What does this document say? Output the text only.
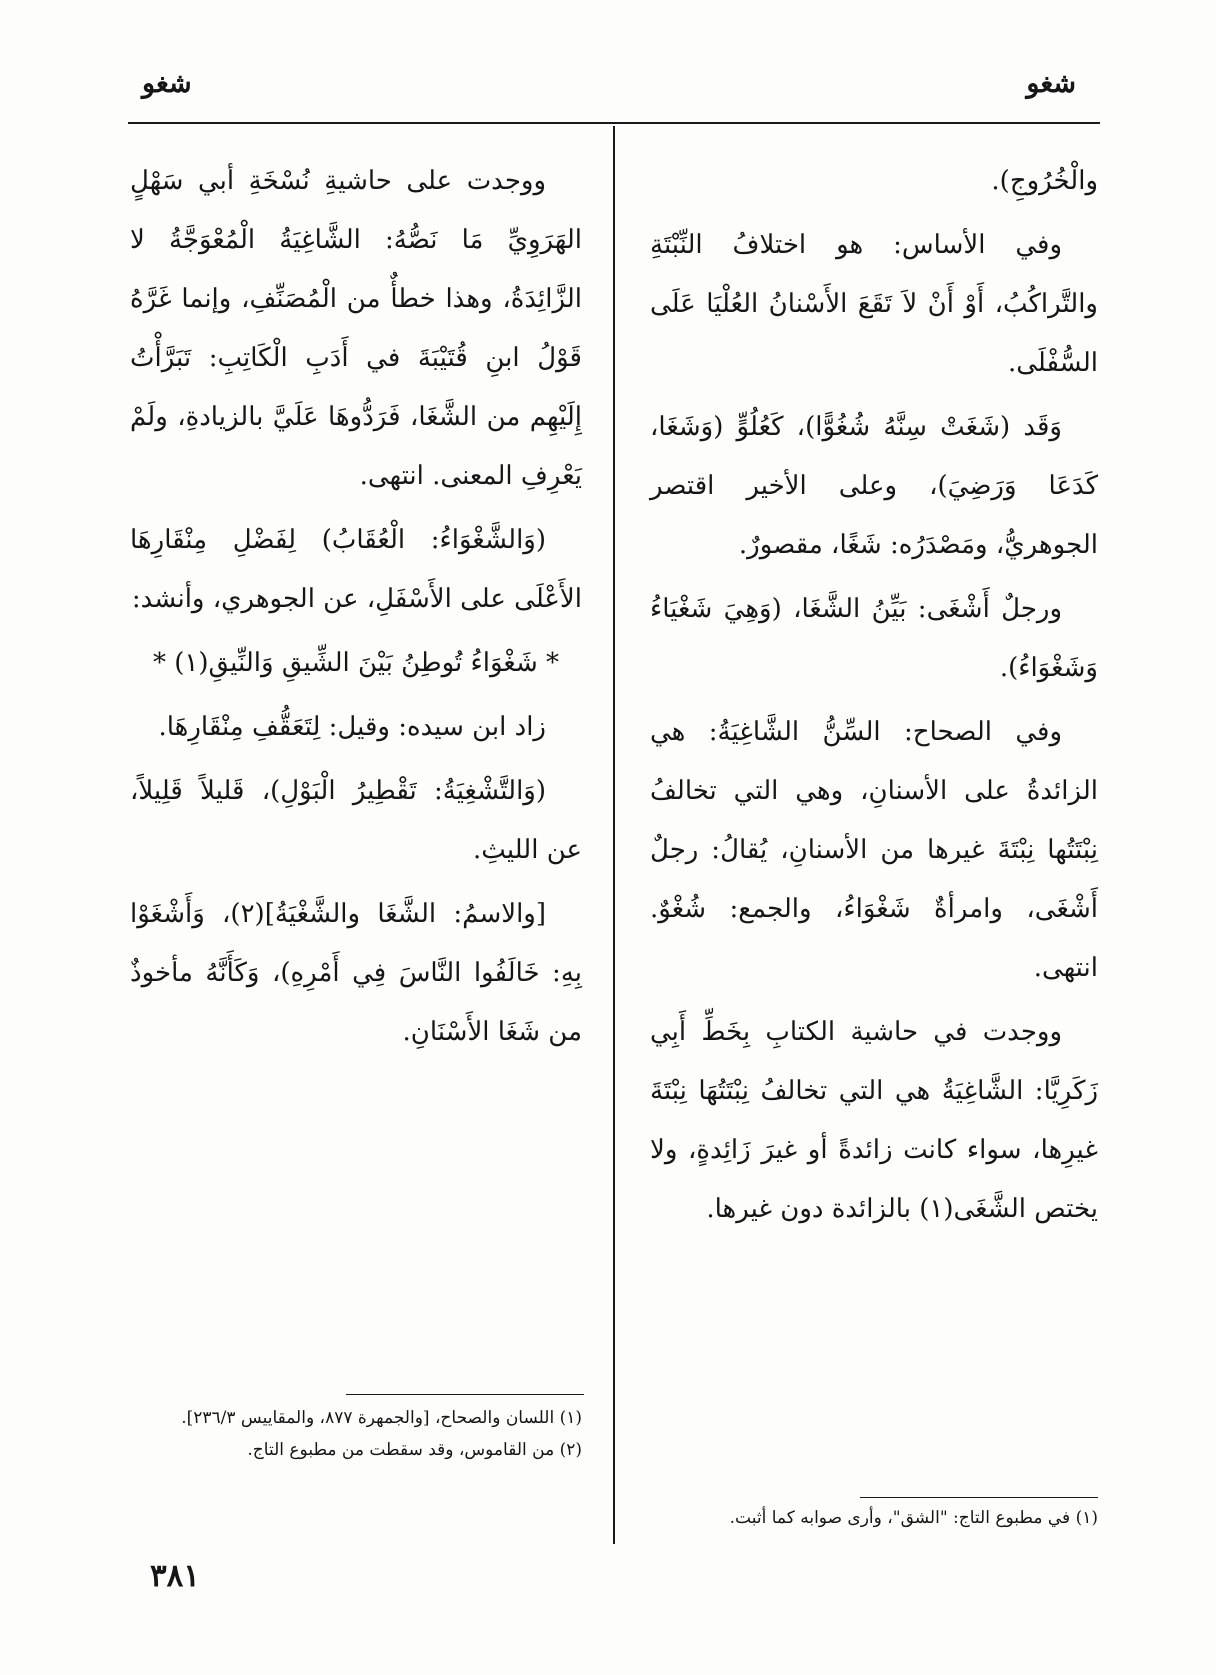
شغو
شغو

والْخُرُوجِ).

وفي الأساس: هو اختلافُ النِّبْتَةِ والتَّراكُبُ، أَوْ أَنْ لاَ تَقَعَ الأَسْنانُ العُلْيَا عَلَى السُّفْلَى.

وَقَد (شَغَتْ سِنَّهُ شُغُوًّا)، كَعُلُوٍّ (وَشَغَا، كَدَعَا وَرَضِيَ)، وعلى الأخير اقتصر الجوهريُّ، ومَصْدَرُه: شَغًا، مقصورٌ.

ورجلٌ أَشْغَى: بَيِّنُ الشَّغَا، (وَهِيَ شَغْيَاءُ وَشَغْوَاءُ).

وفي الصحاح: السِّنُّ الشَّاغِيَةُ: هي الزائدةُ على الأسنانِ، وهي التي تخالفُ نِبْتَتُها نِبْتَةَ غيرها من الأسنانِ، يُقالُ: رجلٌ أَشْغَى، وامرأةٌ شَغْوَاءُ، والجمع: شُغْوٌ. انتهى.

ووجدت في حاشية الكتابِ بِخَطِّ أَبِي زَكَرِيَّا: الشَّاغِيَةُ هي التي تخالفُ نِبْتَتُهَا نِبْتَةَ غيرِها، سواء كانت زائدةً أو غيرَ زَائِدةٍ، ولا يختص الشَّغَى(١) بالزائدة دون غيرها.

ووجدت على حاشيةِ نُسْخَةِ أبي سَهْلٍ الهَرَوِيِّ مَا نَصُّهُ: الشَّاغِيَةُ الْمُعْوَجَّةُ لا الزَّائِدَةُ، وهذا خطأٌ من الْمُصَنِّفِ، وإنما غَرَّهُ قَوْلُ ابنِ قُتَيْبَةَ في أَدَبِ الْكَاتِبِ: تَبَرَّأْتُ إِلَيْهِم من الشَّغَا، فَرَدُّوهَا عَلَيَّ بالزيادةِ، ولَمْ يَعْرِفِ المعنى. انتهى.

(وَالشَّغْوَاءُ: الْعُقَابُ) لِفَضْلِ مِنْقَارِهَا الأَعْلَى على الأَسْفَلِ، عن الجوهري، وأنشد:

* شَغْوَاءُ تُوطِنُ بَيْنَ الشِّيقِ وَالنِّيقِ(١) *

زاد ابن سيده: وقيل: لِتَعَقُّفِ مِنْقَارِهَا.

(وَالتَّشْغِيَةُ: تَقْطِيرُ الْبَوْلِ)، قَليلاً قَلِيلاً، عن الليثِ.

[والاسمُ: الشَّغَا والشَّغْيَةُ](٢)، وَأَشْغَوْا بِهِ: خَالَفُوا النَّاسَ فِي أَمْرِهِ)، وَكَأَنَّهُ مأخوذٌ من شَغَا الأَسْنَانِ.

(١) في مطبوع التاج: "الشق"، وأرى صوابه كما أثبت.

(١) اللسان والصحاح، [والجمهرة ٨٧٧، والمقاييس ٢٣٦/٣].

(٢) من القاموس، وقد سقطت من مطبوع التاج.

٣٨١
